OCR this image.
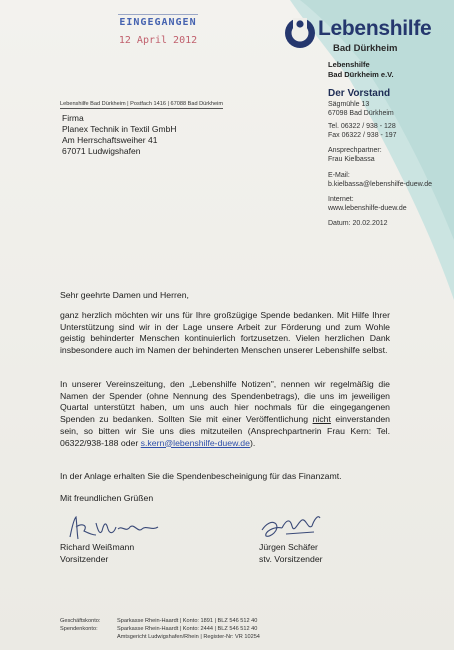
EINGEGANGEN
12 April 2012
Lebenshilfe
Bad Dürkheim
Lebenshilfe
Bad Dürkheim e.V.
Der Vorstand
Sägmühle 13
67098 Bad Dürkheim
Tel. 06322 / 938 - 128
Fax 06322 / 938 - 197
Ansprechpartner:
Frau Kielbassa
E-Mail:
b.kielbassa@lebenshilfe-duew.de
Internet:
www.lebenshilfe-duew.de
Datum: 20.02.2012
Lebenshilfe Bad Dürkheim | Postfach 1416 | 67088 Bad Dürkheim
Firma
Planex Technik in Textil GmbH
Am Herrschaftsweiher 41
67071 Ludwigshafen
Sehr geehrte Damen und Herren,
ganz herzlich möchten wir uns für Ihre großzügige Spende bedanken. Mit Hilfe Ihrer Unterstützung sind wir in der Lage unsere Arbeit zur Förderung und zum Wohle geistig behinderter Menschen kontinuierlich fortzusetzen. Vielen herzlichen Dank insbesondere auch im Namen der behinderten Menschen unserer Lebenshilfe selbst.
In unserer Vereinszeitung, den „Lebenshilfe Notizen", nennen wir regelmäßig die Namen der Spender (ohne Nennung des Spendenbetrags), die uns im jeweiligen Quartal unterstützt haben, um uns auch hier nochmals für die eingegangenen Spenden zu bedanken. Sollten Sie mit einer Veröffentlichung nicht einverstanden sein, so bitten wir Sie uns dies mitzuteilen (Ansprechpartnerin Frau Kern: Tel. 06322/938-188 oder s.kern@lebenshilfe-duew.de).
In der Anlage erhalten Sie die Spendenbescheinigung für das Finanzamt.
Mit freundlichen Grüßen
Richard Weißmann
Vorsitzender
Jürgen Schäfer
stv. Vorsitzender
Geschäftskonto:	Sparkasse Rhein-Haardt | Konto: 1891 | BLZ 546 512 40
Spendenkonto:	Sparkasse Rhein-Haardt | Konto: 2444 | BLZ 546 512 40
Amtsgericht Ludwigshafen/Rhein | Register-Nr: VR 10254
